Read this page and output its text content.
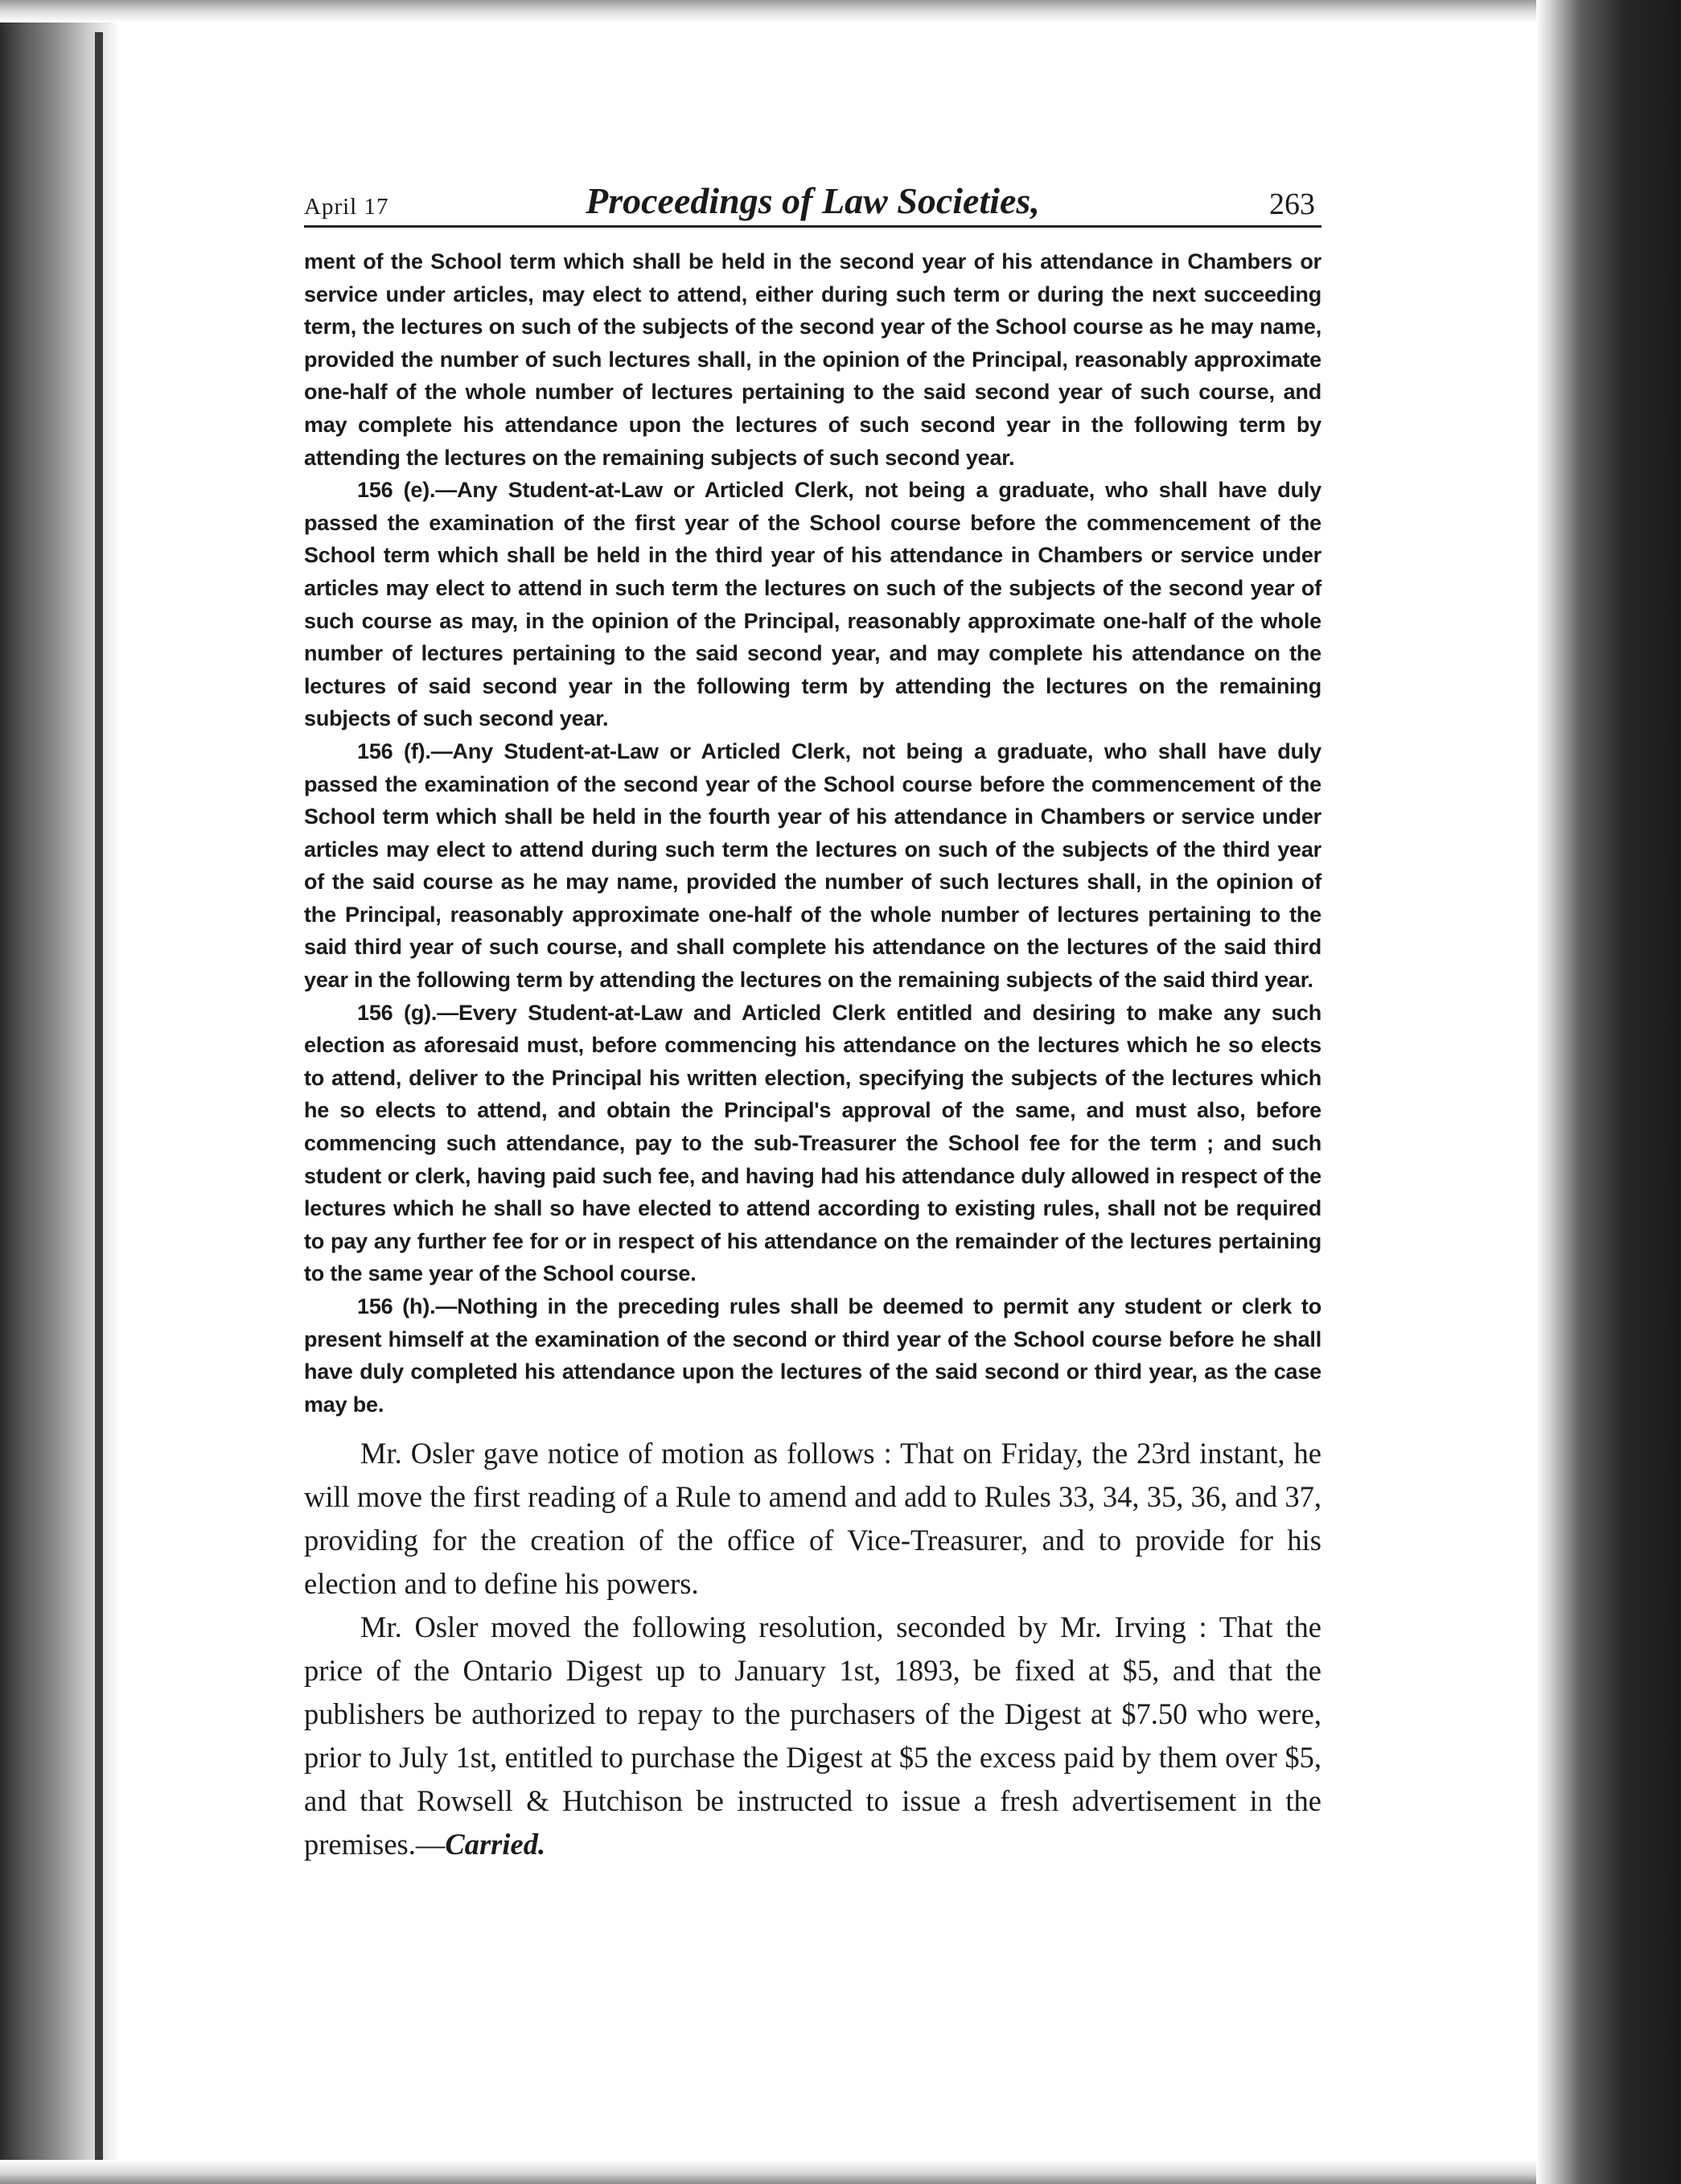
April 17	Proceedings of Law Societies,	263

ment of the School term which shall be held in the second year of his attendance in Chambers or service under articles, may elect to attend, either during such term or during the next succeeding term, the lectures on such of the subjects of the second year of the School course as he may name, provided the number of such lectures shall, in the opinion of the Principal, reasonably approximate one-half of the whole number of lectures pertaining to the said second year of such course, and may complete his attendance upon the lectures of such second year in the following term by attending the lectures on the remaining subjects of such second year.

156 (e).—Any Student-at-Law or Articled Clerk, not being a graduate, who shall have duly passed the examination of the first year of the School course before the commencement of the School term which shall be held in the third year of his attendance in Chambers or service under articles may elect to attend in such term the lectures on such of the subjects of the second year of such course as may, in the opinion of the Principal, reasonably approximate one-half of the whole number of lectures pertaining to the said second year, and may complete his attendance on the lectures of said second year in the following term by attending the lectures on the remaining subjects of such second year.

156 (f).—Any Student-at-Law or Articled Clerk, not being a graduate, who shall have duly passed the examination of the second year of the School course before the commencement of the School term which shall be held in the fourth year of his attendance in Chambers or service under articles may elect to attend during such term the lectures on such of the subjects of the third year of the said course as he may name, provided the number of such lectures shall, in the opinion of the Principal, reasonably approximate one-half of the whole number of lectures pertaining to the said third year of such course, and shall complete his attendance on the lectures of the said third year in the following term by attending the lectures on the remaining subjects of the said third year.

156 (g).—Every Student-at-Law and Articled Clerk entitled and desiring to make any such election as aforesaid must, before commencing his attendance on the lectures which he so elects to attend, deliver to the Principal his written election, specifying the subjects of the lectures which he so elects to attend, and obtain the Principal's approval of the same, and must also, before commencing such attendance, pay to the sub-Treasurer the School fee for the term ; and such student or clerk, having paid such fee, and having had his attendance duly allowed in respect of the lectures which he shall so have elected to attend according to existing rules, shall not be required to pay any further fee for or in respect of his attendance on the remainder of the lectures pertaining to the same year of the School course.

156 (h).—Nothing in the preceding rules shall be deemed to permit any student or clerk to present himself at the examination of the second or third year of the School course before he shall have duly completed his attendance upon the lectures of the said second or third year, as the case may be.

Mr. Osler gave notice of motion as follows : That on Friday, the 23rd instant, he will move the first reading of a Rule to amend and add to Rules 33, 34, 35, 36, and 37, providing for the creation of the office of Vice-Treasurer, and to provide for his election and to define his powers.

Mr. Osler moved the following resolution, seconded by Mr. Irving : That the price of the Ontario Digest up to January 1st, 1893, be fixed at $5, and that the publishers be authorized to repay to the purchasers of the Digest at $7.50 who were, prior to July 1st, entitled to purchase the Digest at $5 the excess paid by them over $5, and that Rowsell & Hutchison be instructed to issue a fresh advertisement in the premises.—Carried.
